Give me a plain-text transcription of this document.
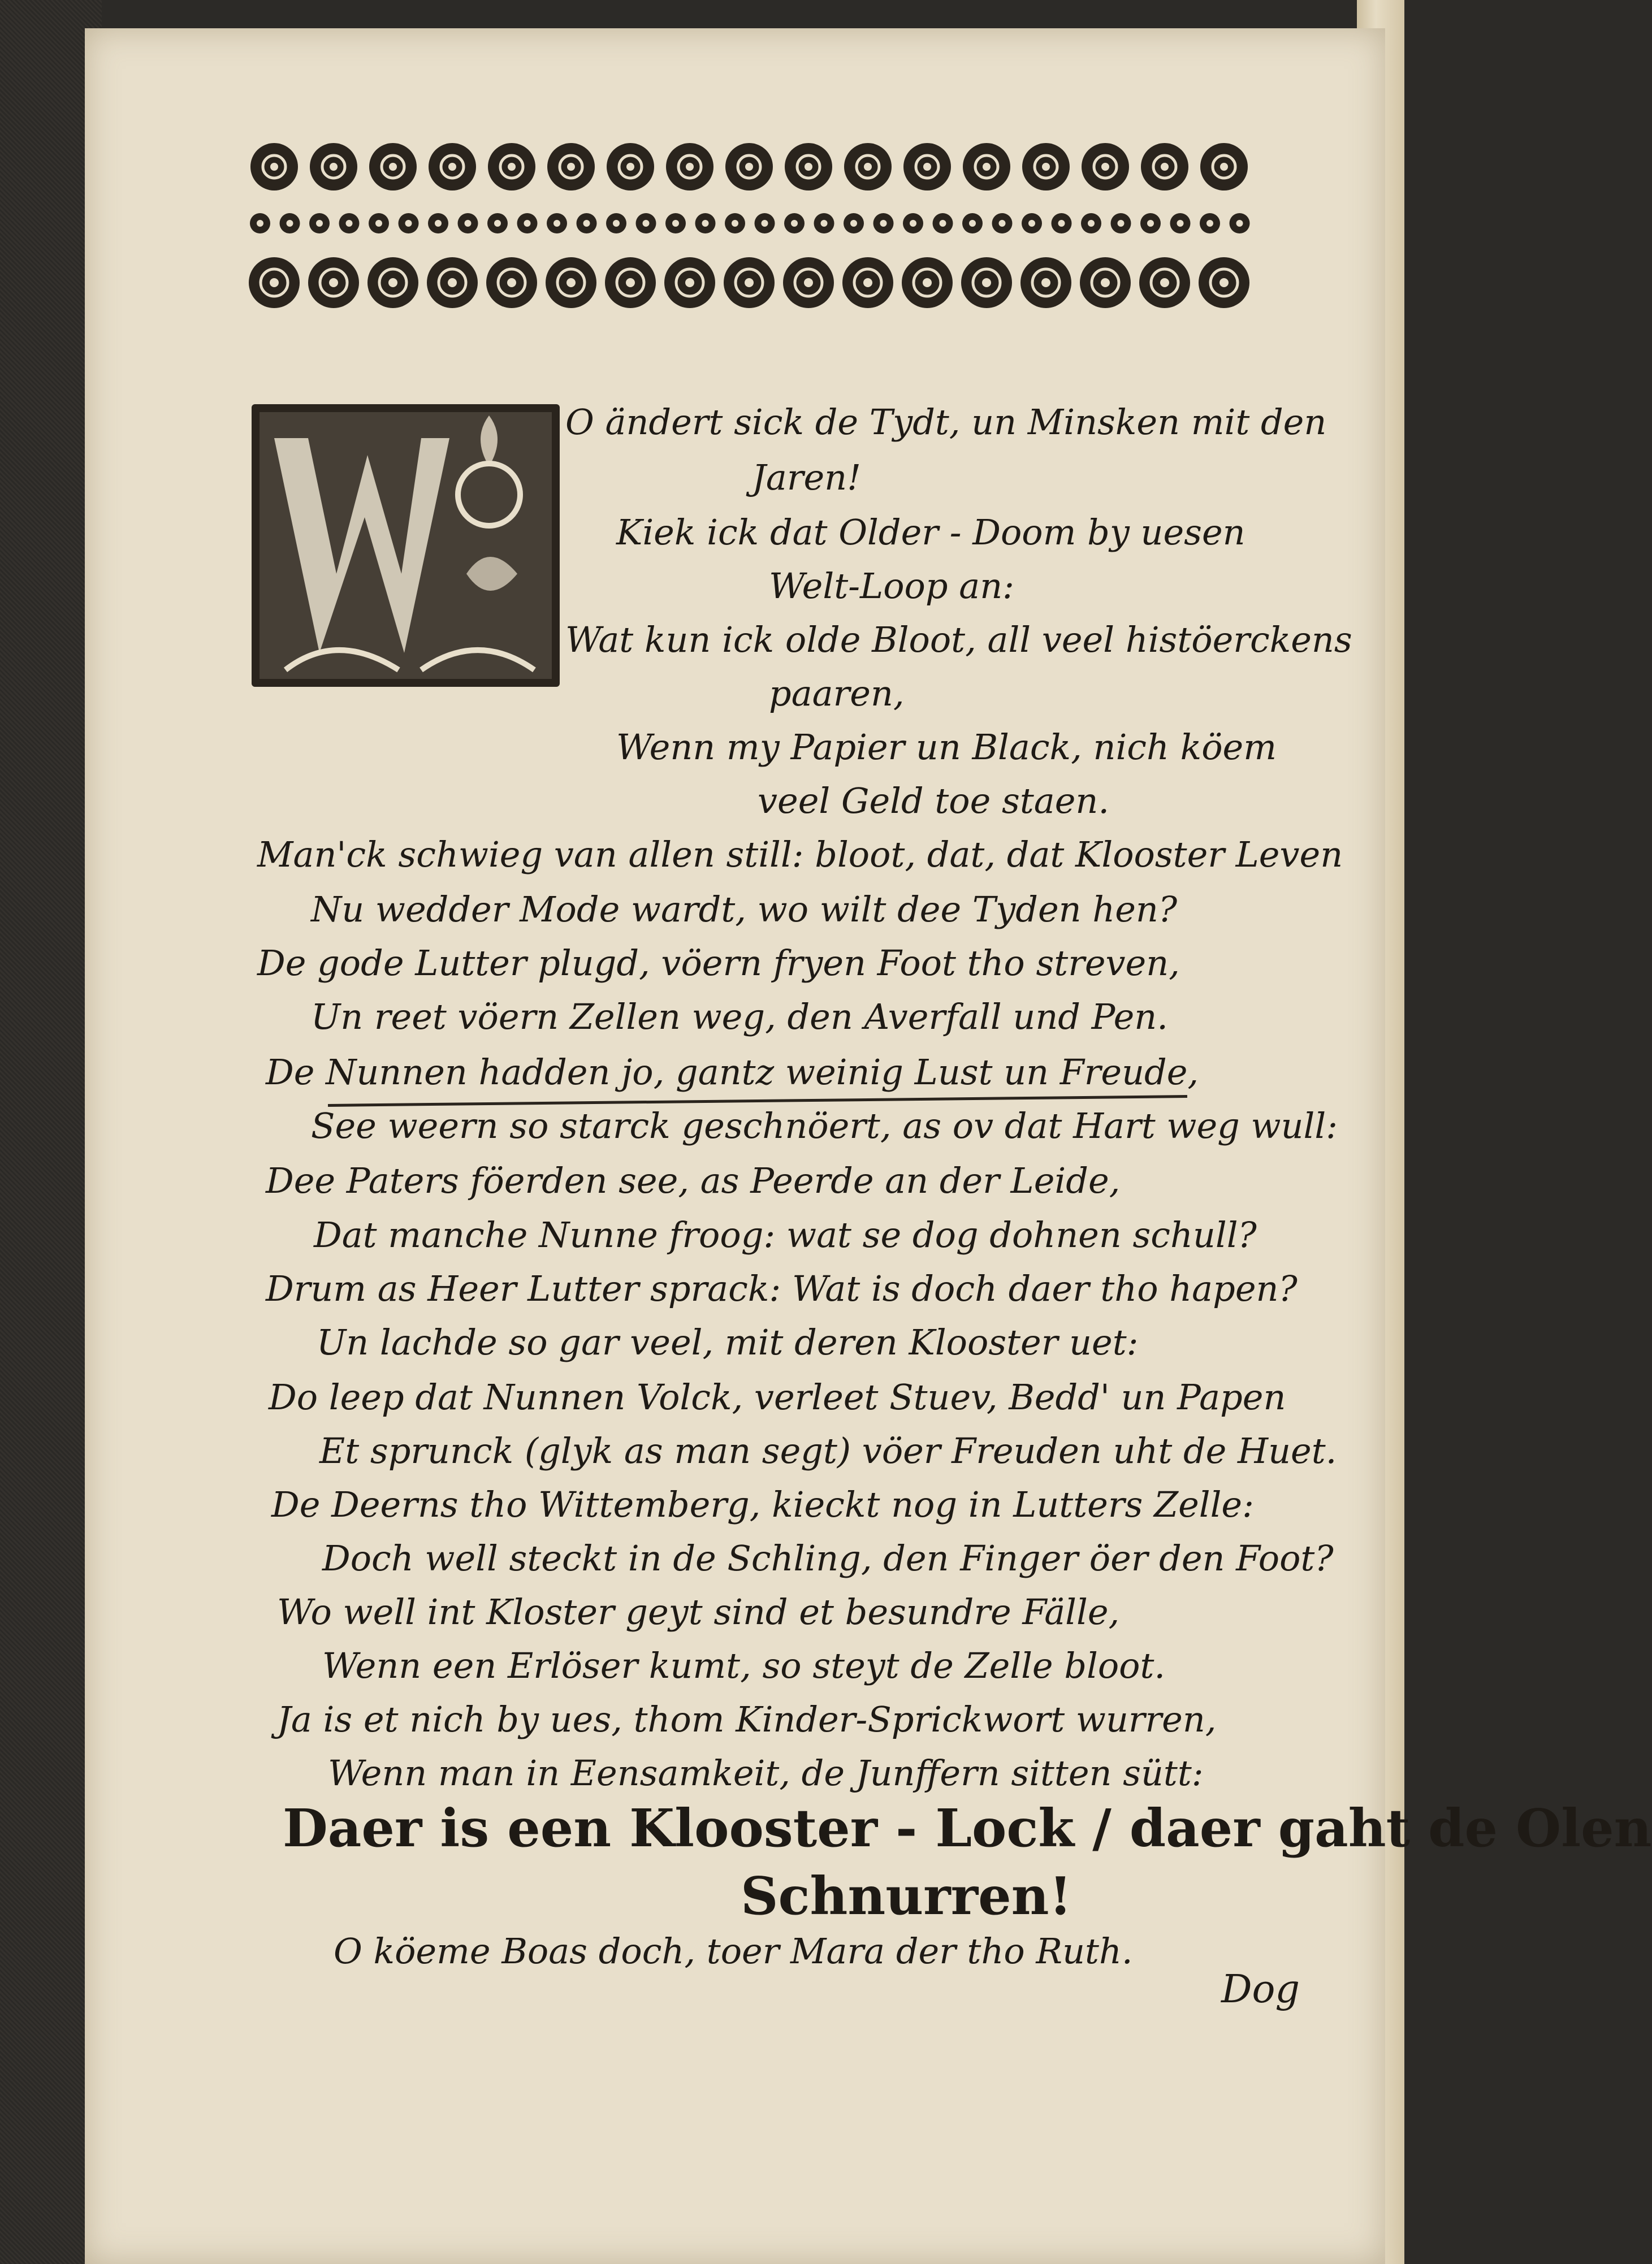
O ändert sick de Tydt, un Minsken mit den
Jaren!
Kiek ick dat Older - Doom by uesen
Welt-Loop an:
Wat kun ick olde Bloot, all veel histöerckens
paaren,
Wenn my Papier un Black, nich köem
veel Geld toe staen.
Man'ck schwieg van allen still: bloot, dat, dat Klooster Leven
Nu wedder Mode wardt, wo wilt dee Tyden hen?
De gode Lutter plugd, vöern fryen Foot tho streven,
Un reet vöern Zellen weg, den Averfall und Pen.
De Nunnen hadden jo, gantz weinig Lust un Freude,
See weern so starck geschnöert, as ov dat Hart weg wull:
Dee Paters föerden see, as Peerde an der Leide,
Dat manche Nunne froog: wat se dog dohnen schull?
Drum as Heer Lutter sprack: Wat is doch daer tho hapen?
Un lachde so gar veel, mit deren Klooster uet:
Do leep dat Nunnen Volck, verleet Stuev, Bedd' un Papen
Et sprunck (glyk as man segt) vöer Freuden uht de Huet.
De Deerns tho Wittemberg, kieckt nog in Lutters Zelle:
Doch well steckt in de Schling, den Finger öer den Foot?
Wo well int Kloster geyt sind et besundre Fälle,
Wenn een Erlöser kumt, so steyt de Zelle bloot.
Ja is et nich by ues, thom Kinder-Sprickwort wurren,
Wenn man in Eensamkeit, de Junffern sitten sütt:
Daer is een Klooster - Lock / daer gaht de Olen
Schnurren!
O köeme Boas doch, toer Mara der tho Ruth.
Dog
